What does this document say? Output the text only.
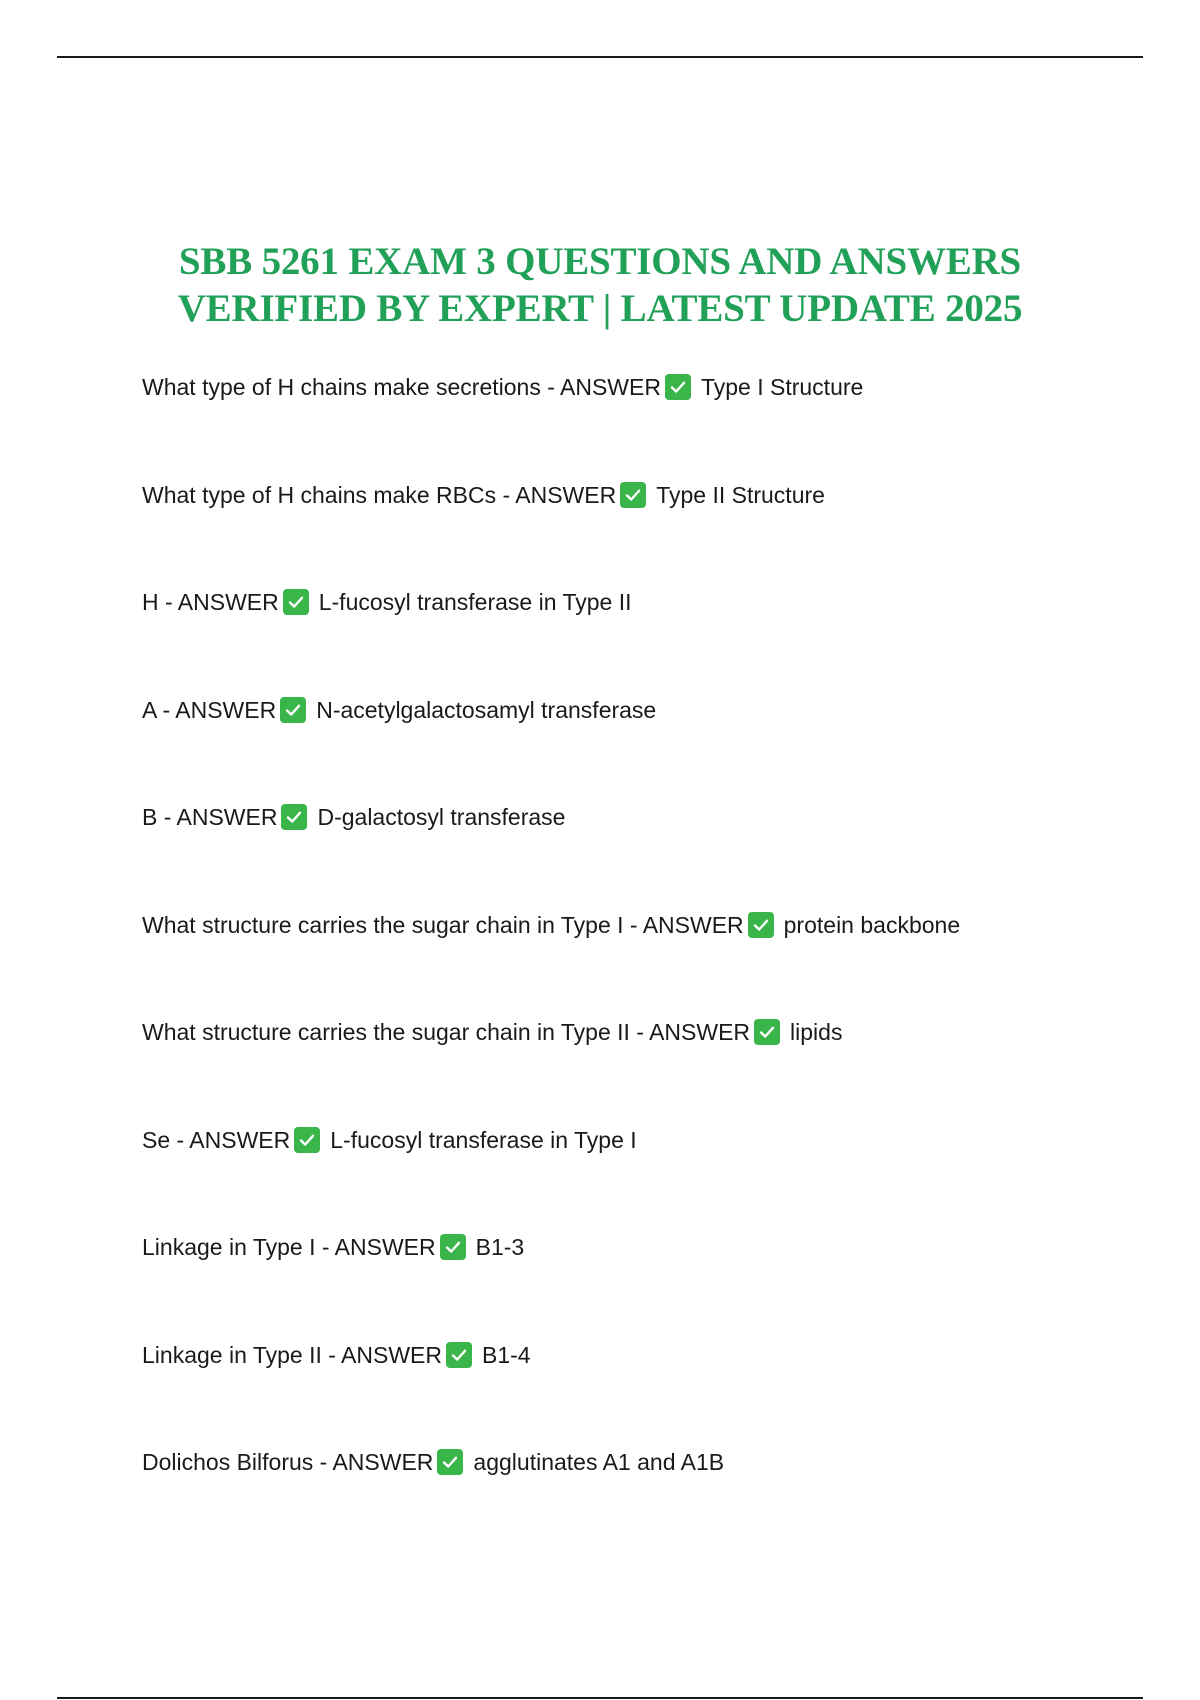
SBB 5261 EXAM 3 QUESTIONS AND ANSWERS
VERIFIED BY EXPERT | LATEST UPDATE 2025
What type of H chains make secretions - ANSWER Type I Structure
What type of H chains make RBCs - ANSWER Type II Structure
H - ANSWER L-fucosyl transferase in Type II
A - ANSWER N-acetylgalactosamyl transferase
B - ANSWER D-galactosyl transferase
What structure carries the sugar chain in Type I - ANSWER protein backbone
What structure carries the sugar chain in Type II - ANSWER lipids
Se - ANSWER L-fucosyl transferase in Type I
Linkage in Type I - ANSWER B1-3
Linkage in Type II - ANSWER B1-4
Dolichos Bilforus - ANSWER agglutinates A1 and A1B
